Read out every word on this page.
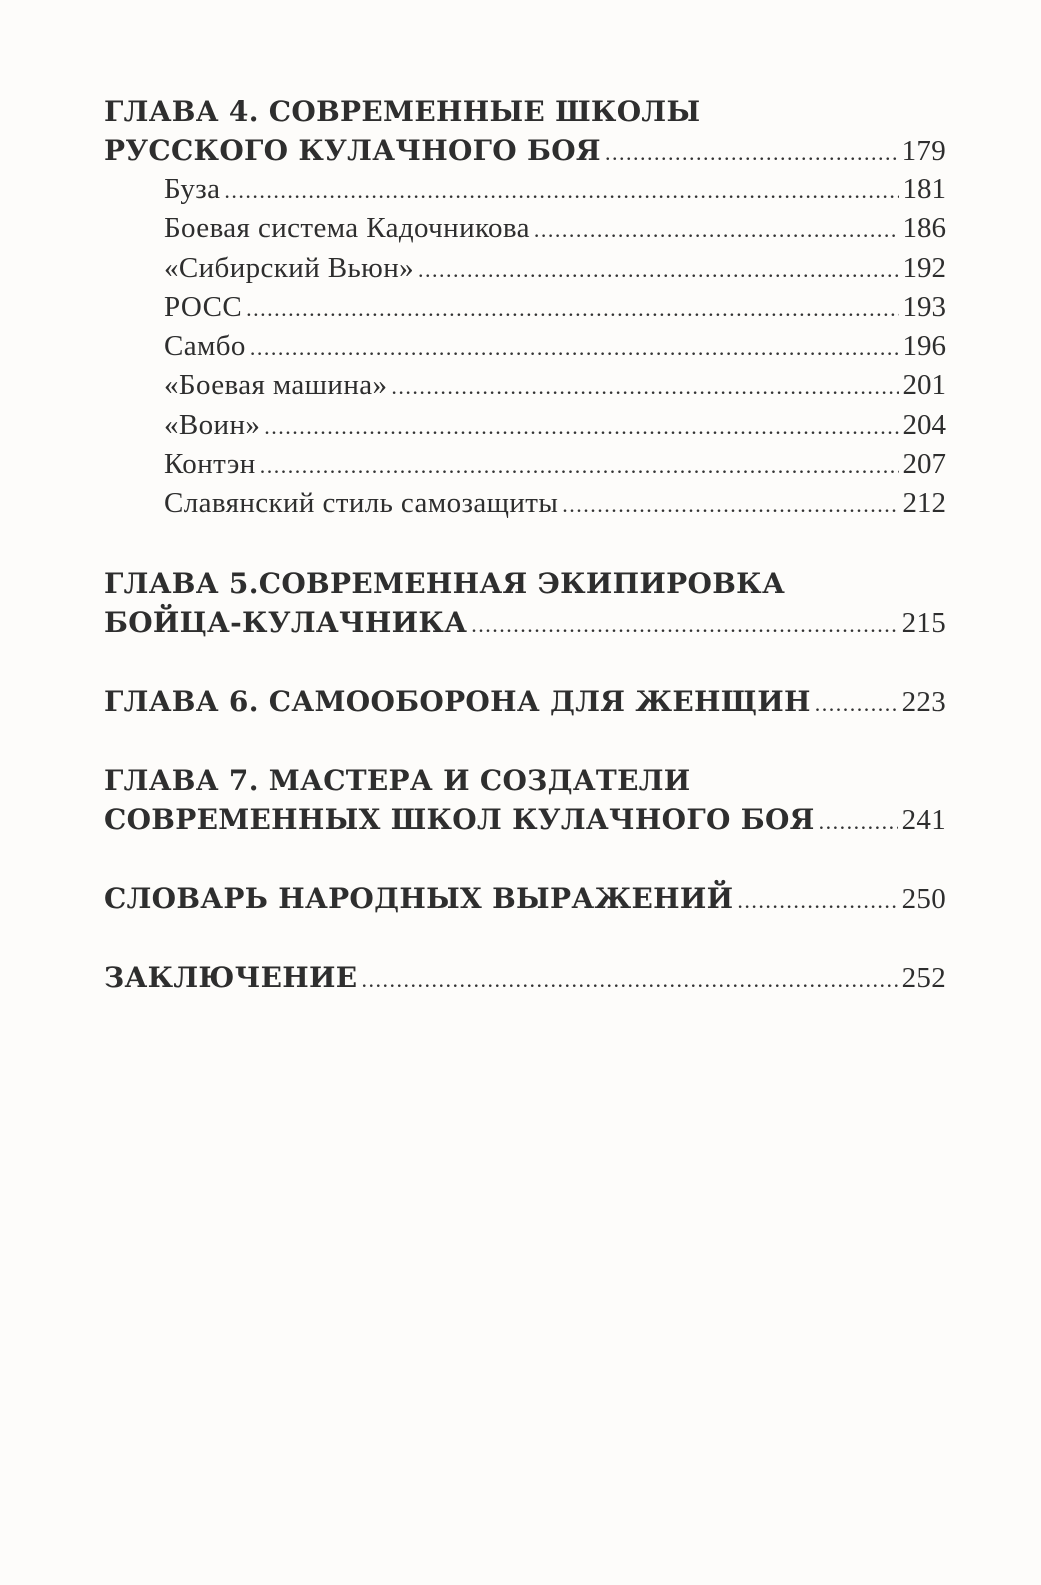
ГЛАВА 4. СОВРЕМЕННЫЕ ШКОЛЫ
РУССКОГО КУЛАЧНОГО БОЯ .....	179
Буза .....	181
Боевая система Кадочникова .....	186
«Сибирский Вьюн» .....	192
РОСС .....	193
Самбо .....	196
«Боевая машина» .....	201
«Воин» .....	204
Контэн .....	207
Славянский стиль самозащиты .....	212
ГЛАВА 5.СОВРЕМЕННАЯ ЭКИПИРОВКА
БОЙЦА-КУЛАЧНИКА .....	215
ГЛАВА 6. САМООБОРОНА ДЛЯ ЖЕНЩИН .....	223
ГЛАВА 7. МАСТЕРА И СОЗДАТЕЛИ
СОВРЕМЕННЫХ ШКОЛ КУЛАЧНОГО БОЯ .....	241
СЛОВАРЬ НАРОДНЫХ ВЫРАЖЕНИЙ .....	250
ЗАКЛЮЧЕНИЕ .....	252
